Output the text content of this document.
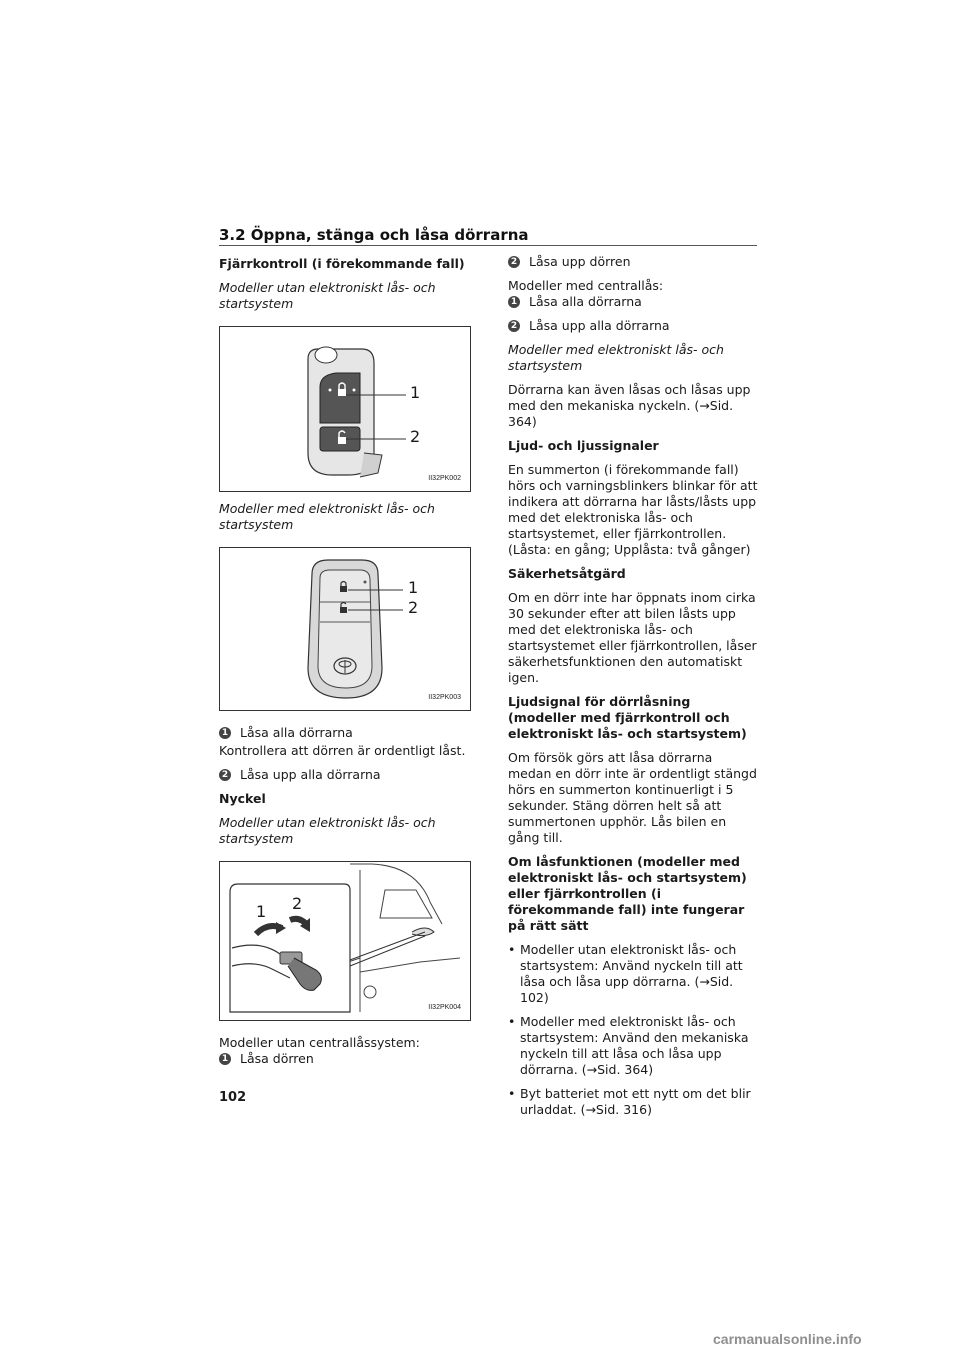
3.2 Öppna, stänga och låsa dörrarna
Fjärrkontroll (i förekommande fall)
Modeller utan elektroniskt lås- och startsystem
1
2
II32PK002
Modeller med elektroniskt lås- och startsystem
1
2
II32PK003
1 Låsa alla dörrarna
Kontrollera att dörren är ordentligt låst.
2 Låsa upp alla dörrarna
Nyckel
Modeller utan elektroniskt lås- och startsystem
1 2
II32PK004
Modeller utan centrallåssystem:
1 Låsa dörren
2 Låsa upp dörren
Modeller med centrallås:
1 Låsa alla dörrarna
2 Låsa upp alla dörrarna
Modeller med elektroniskt lås- och startsystem
Dörrarna kan även låsas och låsas upp med den mekaniska nyckeln. (→Sid. 364)
Ljud- och ljussignaler
En summerton (i förekommande fall) hörs och varningsblinkers blinkar för att indikera att dörrarna har låsts/låsts upp med det elektroniska lås- och startsystemet, eller fjärrkontrollen. (Låsta: en gång; Upplåsta: två gånger)
Säkerhetsåtgärd
Om en dörr inte har öppnats inom cirka 30 sekunder efter att bilen låsts upp med det elektroniska lås- och startsystemet eller fjärrkontrollen, låser säkerhetsfunktionen den automatiskt igen.
Ljudsignal för dörrlåsning (modeller med fjärrkontroll och elektroniskt lås- och startsystem)
Om försök görs att låsa dörrarna medan en dörr inte är ordentligt stängd hörs en summerton kontinuerligt i 5 sekunder. Stäng dörren helt så att summertonen upphör. Lås bilen en gång till.
Om låsfunktionen (modeller med elektroniskt lås- och startsystem) eller fjärrkontrollen (i förekommande fall) inte fungerar på rätt sätt
• Modeller utan elektroniskt lås- och startsystem: Använd nyckeln till att låsa och låsa upp dörrarna. (→Sid. 102)
• Modeller med elektroniskt lås- och startsystem: Använd den mekaniska nyckeln till att låsa och låsa upp dörrarna. (→Sid. 364)
• Byt batteriet mot ett nytt om det blir urladdat. (→Sid. 316)
102
carmanualsonline.info
